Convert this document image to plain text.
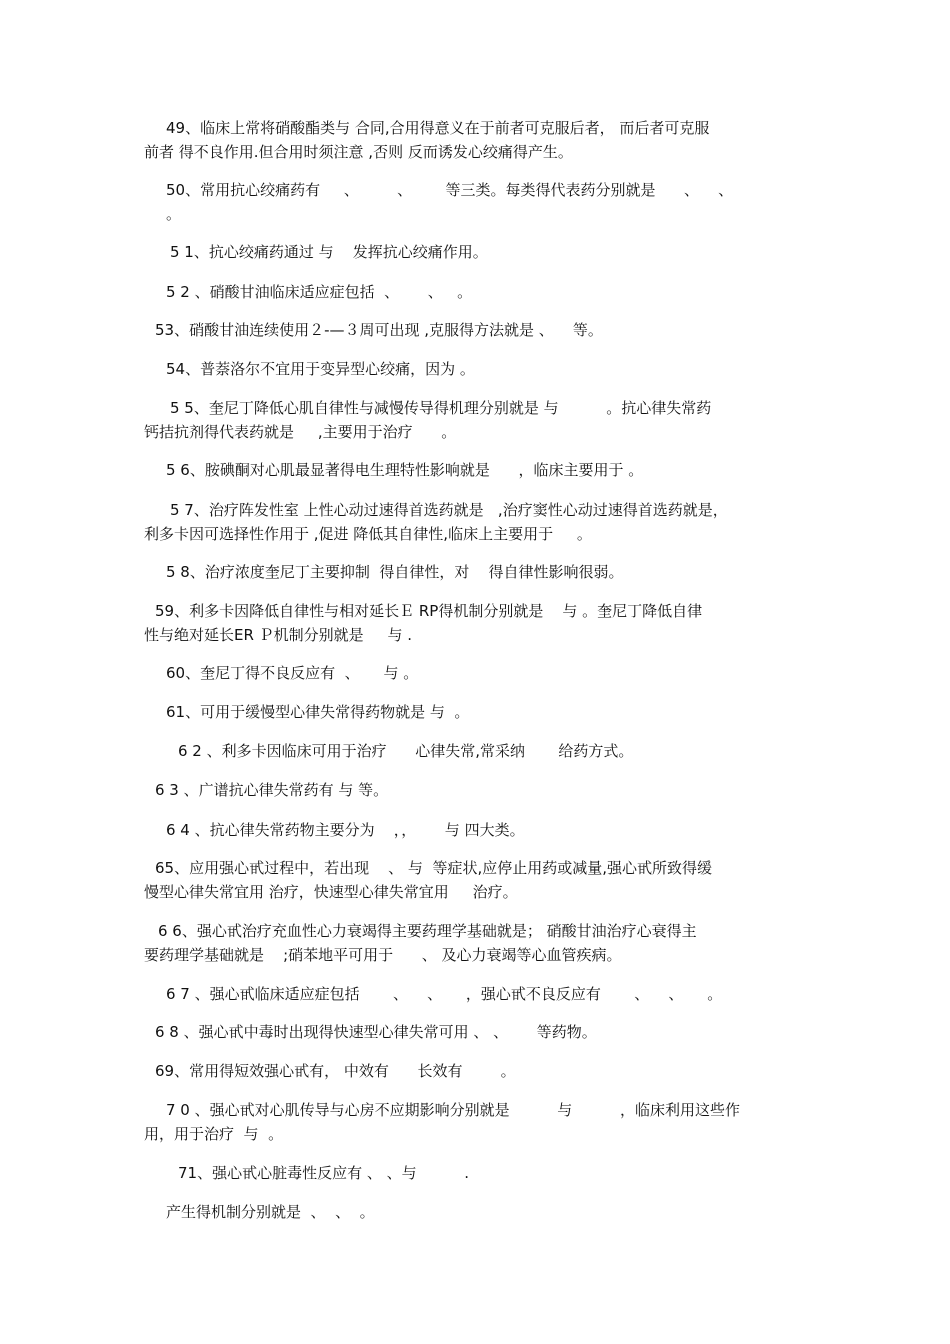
49、临床上常将硝酸酯类与 合同,合用得意义在于前者可克服后者， 而后者可克服
前者 得不良作用.但合用时须注意 ,否则 反而诱发心绞痛得产生。
50、常用抗心绞痛药有     、        、       等三类。每类得代表药分别就是      、    、
。
5 1、抗心绞痛药通过 与    发挥抗心绞痛作用。
5 2 、硝酸甘油临床适应症包括  、      、   。
53、硝酸甘油连续使用２-—３周可出现 ,克服得方法就是 、    等。
54、普萘洛尔不宜用于变异型心绞痛，因为 。
5 5、奎尼丁降低心肌自律性与减慢传导得机理分别就是 与          。抗心律失常药
钙拮抗剂得代表药就是     ,主要用于治疗      。
5 6、胺碘酮对心肌最显著得电生理特性影响就是      ，临床主要用于 。
5 7、治疗阵发性室 上性心动过速得首选药就是   ,治疗窦性心动过速得首选药就是，
利多卡因可选择性作用于 ,促进 降低其自律性,临床上主要用于     。
5 8、治疗浓度奎尼丁主要抑制  得自律性，对    得自律性影响很弱。
59、利多卡因降低自律性与相对延长Ｅ RP得机制分别就是    与 。奎尼丁降低自律
性与绝对延长ER Ｐ机制分别就是     与 .
60、奎尼丁得不良反应有  、     与 。
61、可用于缓慢型心律失常得药物就是 与  。
6 2 、利多卡因临床可用于治疗      心律失常,常采纳       给药方式。
6 3 、广谱抗心律失常药有 与 等。
6 4 、抗心律失常药物主要分为    ，，      与 四大类。
65、应用强心甙过程中，若出现    、 与  等症状,应停止用药或减量,强心甙所致得缓
慢型心律失常宜用 治疗，快速型心律失常宜用     治疗。
6 6、强心甙治疗充血性心力衰竭得主要药理学基础就是； 硝酸甘油治疗心衰得主
要药理学基础就是    ;硝苯地平可用于      、 及心力衰竭等心血管疾病。
6 7 、强心甙临床适应症包括       、    、     ，强心甙不良反应有       、    、     。
6 8 、强心甙中毒时出现得快速型心律失常可用 、 、      等药物。
69、常用得短效强心甙有， 中效有      长效有        。
7 0 、强心甙对心肌传导与心房不应期影响分别就是          与          ，临床利用这些作
用，用于治疗  与  。
71、强心甙心脏毒性反应有 、 、与          .
产生得机制分别就是  、  、  。
